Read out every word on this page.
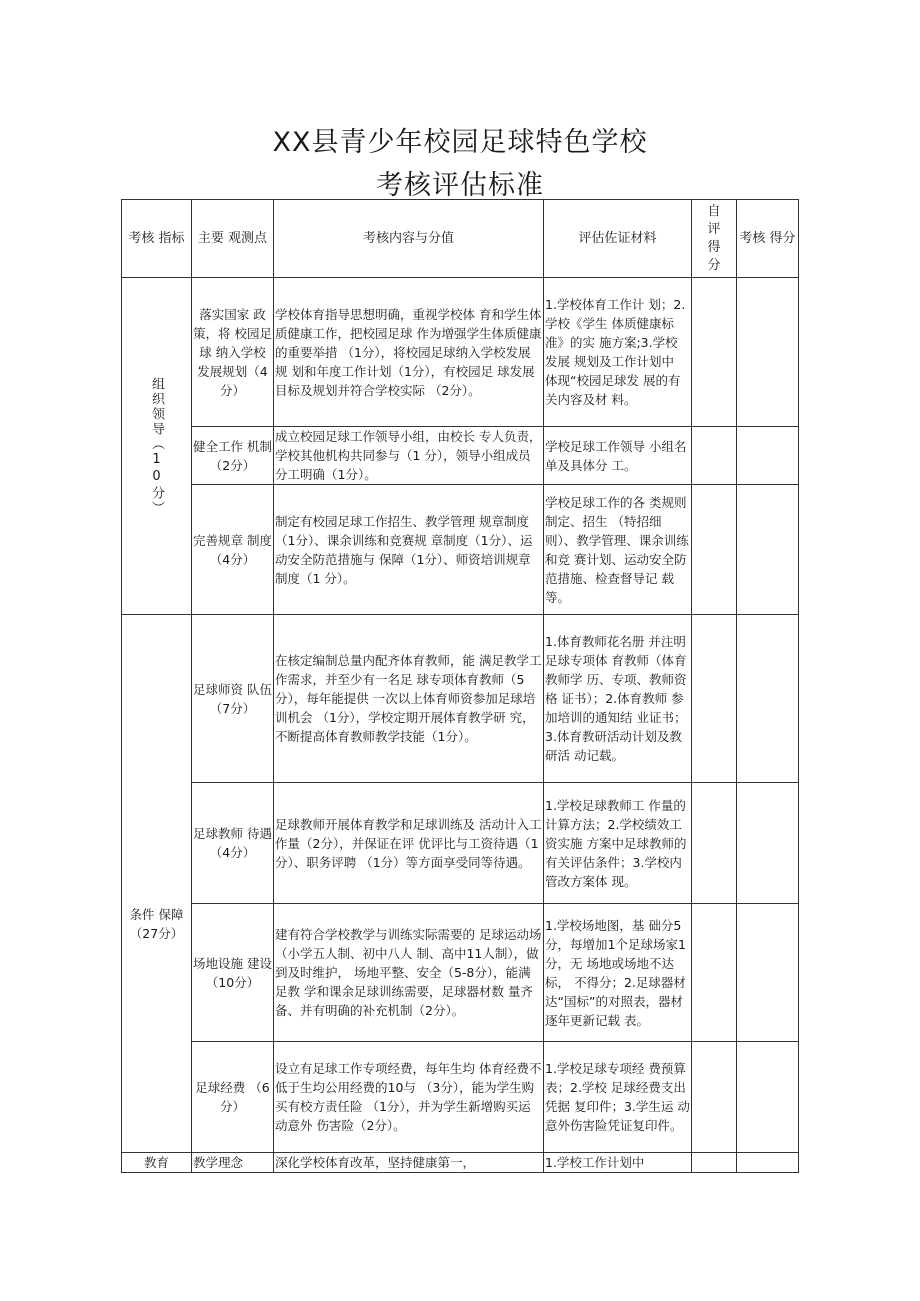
XX县青少年校园足球特色学校
考核评估标准
考核 指标	主要 观测点	考核内容与分值	评估佐证材料	自评得分	考核 得分

组织领导（10分）	落实国家 政策，将 校园足球 纳入学校 发展规划（4分）	学校体育指导思想明确，重视学校体 育和学生体质健康工作，把校园足球 作为增强学生体质健康的重要举措 （1分），将校园足球纳入学校发展规 划和年度工作计划（1分），有校园足 球发展目标及规划并符合学校实际 （2分）。	1.学校体育工作计 划；2.学校《学生 体质健康标准》的实 施方案;3.学校发展 规划及工作计划中 体现“校园足球发 展的有关内容及材 料。		
	健全工作 机制 （2分）	成立校园足球工作领导小组，由校长 专人负责，学校其他机构共同参与（1 分），领导小组成员分工明确（1分）。	学校足球工作领导 小组名单及具体分 工。		
	完善规章 制度 （4分）	制定有校园足球工作招生、教学管理 规章制度（1分）、课余训练和竞赛规 章制度（1分）、运动安全防范措施与 保障（1分）、师资培训规章制度（1 分）。	学校足球工作的各 类规则制定、招生 （特招细则）、教学管理、课余训练和竞 赛计划、运动安全防 范措施、检查督导记 载等。		
条件 保障 （27分）	足球师资 队伍 （7分）	在核定编制总量内配齐体育教师，能 满足教学工作需求，并至少有一名足 球专项体育教师（5分），每年能提供 一次以上体育师资参加足球培训机会 （1分），学校定期开展体育教学研 究，不断提高体育教师教学技能（1分）。	1.体育教师花名册 并注明足球专项体 育教师（体育教师学 历、专项、教师资格 证书）；2.体育教师 参加培训的通知结 业证书；3.体育教研活动计划及教研活 动记载。		
	足球教师 待遇 （4分）	足球教师开展体育教学和足球训练及 活动计入工作量（2分），并保证在评 优评比与工资待遇（1分）、职务评聘 （1分）等方面享受同等待遇。	1.学校足球教师工 作量的计算方法；2.学校绩效工资实施 方案中足球教师的 有关评估条件；3.学校内管改方案体 现。		
	场地设施 建设 （10分）	建有符合学校教学与训练实际需要的 足球运动场（小学五人制、初中八人 制、高中11人制），做到及时维护， 场地平整、安全（5-8分），能满足教 学和课余足球训练需要，足球器材数 量齐备、并有明确的补充机制（2分）。	1.学校场地图，基 础分5分，每增加1个足球场家1分，无 场地或场地不达标， 不得分；2.足球器材 达“国标”的对照表，器材逐年更新记载 表。		
	足球经费 （6分）	设立有足球工作专项经费，每年生均 体育经费不低于生均公用经费的10与 （3分），能为学生购买有校方责任险 （1分），并为学生新增购买运动意外 伤害险（2分）。	1.学校足球专项经 费预算表；2.学校 足球经费支出凭据 复印件；3.学生运 动意外伤害险凭证复印件。		
教育	教学理念	深化学校体育改革，坚持健康第一，	1.学校工作计划中		
